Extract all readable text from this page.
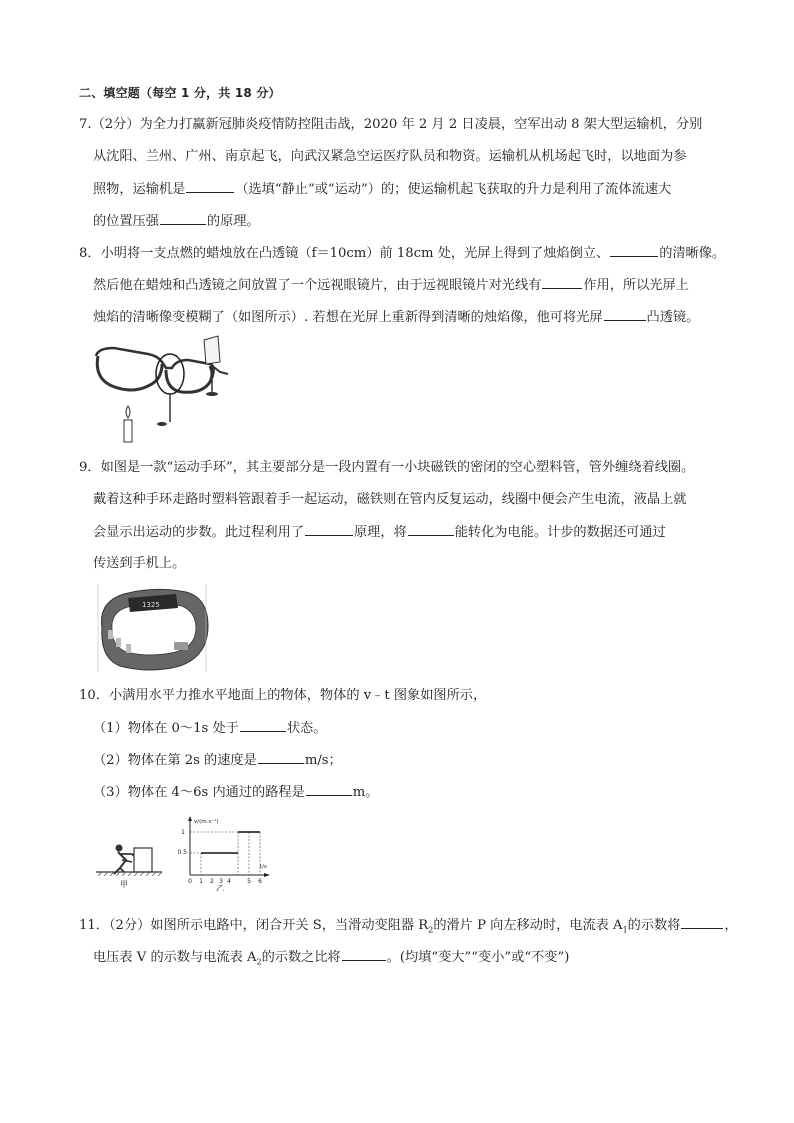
二、填空题（每空 1 分，共 18 分）
7.（2分）为全力打赢新冠肺炎疫情防控阻击战，2020 年 2 月 2 日凌晨，空军出动 8 架大型运输机，分别
从沈阳、兰州、广州、南京起飞，向武汉紧急空运医疗队员和物资。运输机从机场起飞时，以地面为参
照物，运输机是	（选填“静止”或“运动”）的；使运输机起飞获取的升力是利用了流体流速大
的位置压强	的原理。
8．小明将一支点燃的蜡烛放在凸透镜（f＝10cm）前 18cm 处，光屏上得到了烛焰倒立、	的清晰像。
然后他在蜡烛和凸透镜之间放置了一个远视眼镜片，由于远视眼镜片对光线有	作用，所以光屏上
烛焰的清晰像变模糊了（如图所示）. 若想在光屏上重新得到清晰的烛焰像，他可将光屏	凸透镜。
9．如图是一款“运动手环”，其主要部分是一段内置有一小块磁铁的密闭的空心塑料管，管外缠绕着线圈。
戴着这种手环走路时塑料管跟着手一起运动，磁铁则在管内反复运动，线圈中便会产生电流，液晶上就
会显示出运动的步数。此过程利用了	原理，将	能转化为电能。计步的数据还可通过
传送到手机上。
1325
10．小满用水平力推水平地面上的物体，物体的 v﹣t 图象如图所示，
（1）物体在 0～1s 处于	状态。
（2）物体在第 2s 的速度是	m/s；
（3）物体在 4～6s 内通过的路程是	m。
甲
v/(m.s⁻¹)
t/s
1
0.5
0 1 2 3 4	5 6
乙
11．（2分）如图所示电路中，闭合开关 S，当滑动变阻器 $R_2$的滑片 P 向左移动时，电流表 $A_1$的示数将	，
电压表 V 的示数与电流表 $A_2$的示数之比将	。(均填“变大”“变小”或“不变”)
